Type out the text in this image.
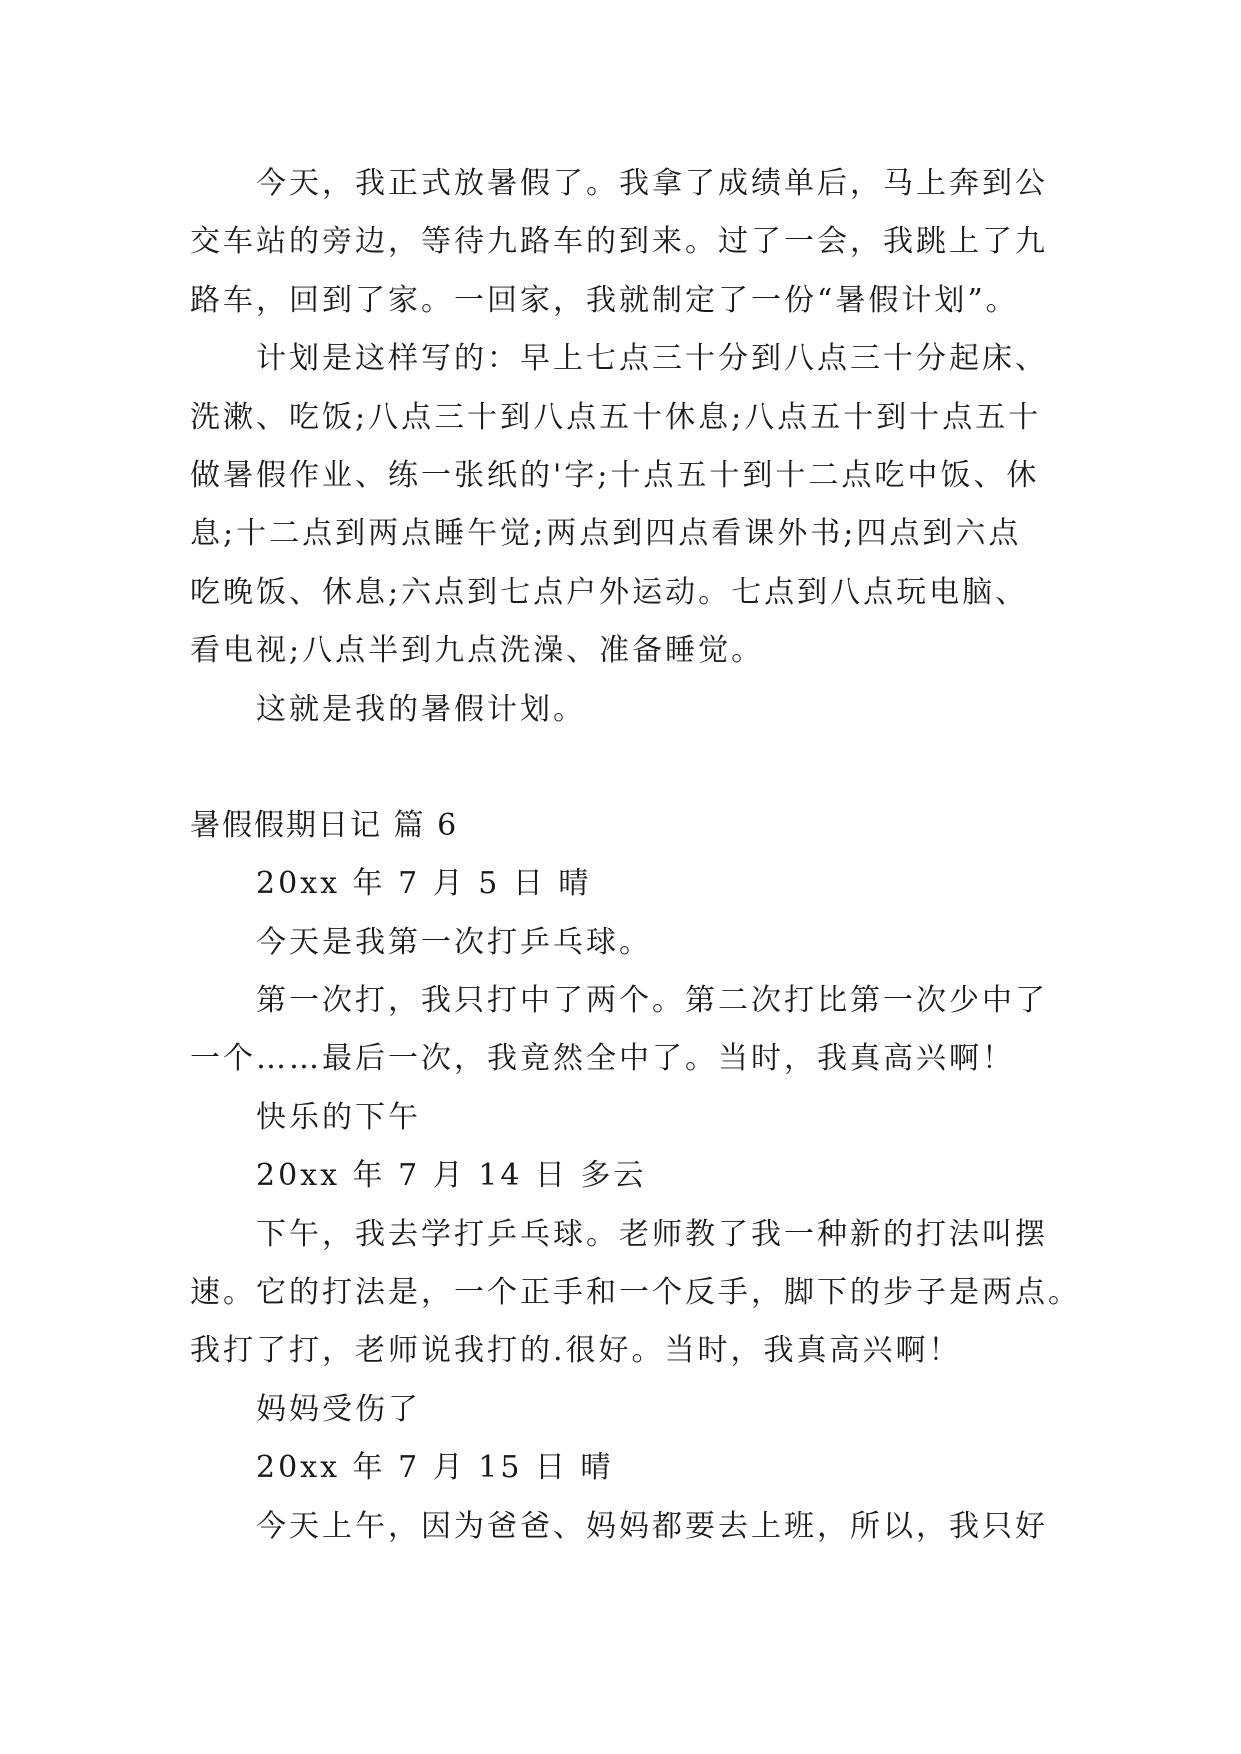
今天，我正式放暑假了。我拿了成绩单后，马上奔到公
交车站的旁边，等待九路车的到来。过了一会，我跳上了九
路车，回到了家。一回家，我就制定了一份“暑假计划”。
计划是这样写的：早上七点三十分到八点三十分起床、
洗漱、吃饭;八点三十到八点五十休息;八点五十到十点五十
做暑假作业、练一张纸的'字;十点五十到十二点吃中饭、休
息;十二点到两点睡午觉;两点到四点看课外书;四点到六点
吃晚饭、休息;六点到七点户外运动。七点到八点玩电脑、
看电视;八点半到九点洗澡、准备睡觉。
这就是我的暑假计划。
暑假假期日记 篇 6
20xx 年 7 月 5 日 晴
今天是我第一次打乒乓球。
第一次打，我只打中了两个。第二次打比第一次少中了
一个……最后一次，我竟然全中了。当时，我真高兴啊！
快乐的下午
20xx 年 7 月 14 日 多云
下午，我去学打乒乓球。老师教了我一种新的打法叫摆
速。它的打法是，一个正手和一个反手，脚下的步子是两点。
我打了打，老师说我打的.很好。当时，我真高兴啊！
妈妈受伤了
20xx 年 7 月 15 日 晴
今天上午，因为爸爸、妈妈都要去上班，所以，我只好
